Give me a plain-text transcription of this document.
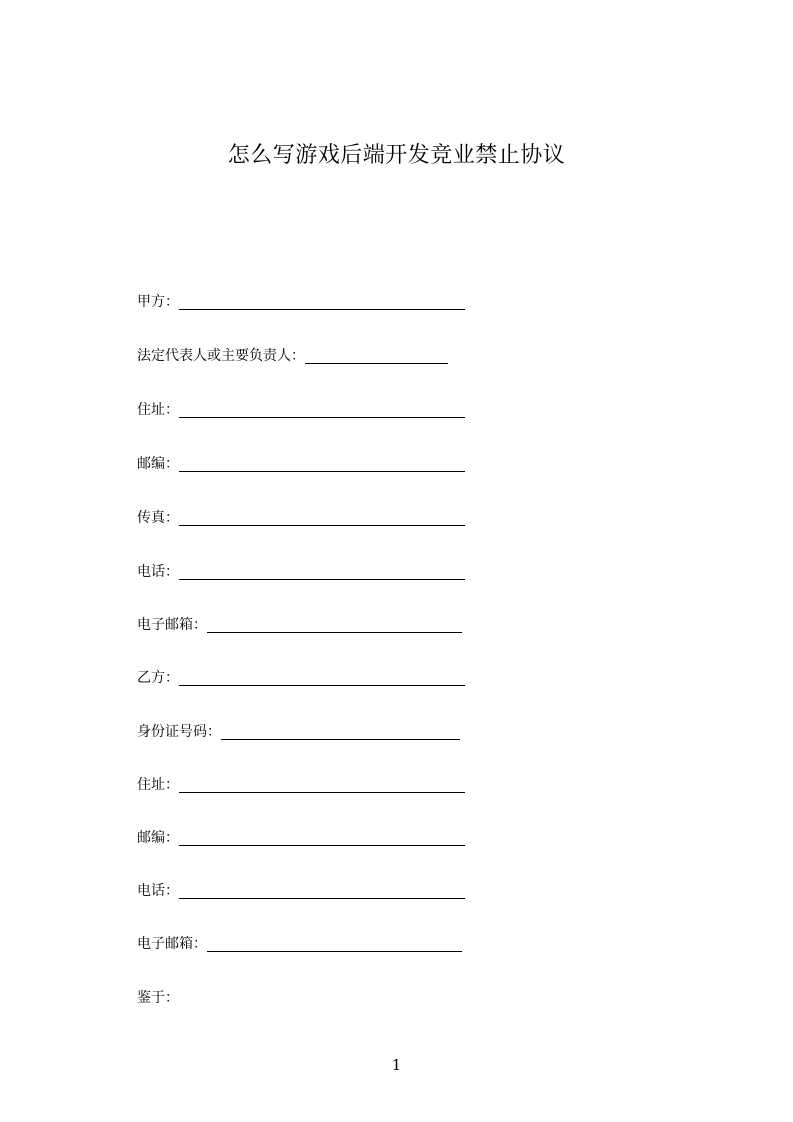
怎么写游戏后端开发竞业禁止协议
甲方：
法定代表人或主要负责人：
住址：
邮编：
传真：
电话：
电子邮箱：
乙方：
身份证号码：
住址：
邮编：
电话：
电子邮箱：
鉴于：
1
